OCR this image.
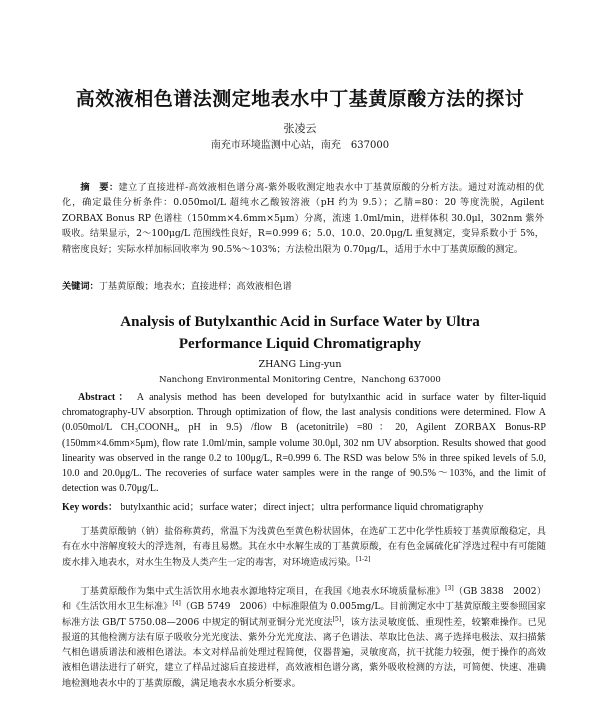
高效液相色谱法测定地表水中丁基黄原酸方法的探讨
张凌云
南充市环境监测中心站，南充　637000
摘　要：建立了直接进样-高效液相色谱分离-紫外吸收测定地表水中丁基黄原酸的分析方法。通过对流动相的优化，确定最佳分析条件：0.050mol/L 超纯水乙酸铵溶液（pH 约为 9.5）；乙腈=80：20 等度洗脱，Agilent ZORBAX Bonus RP 色谱柱（150mm×4.6mm×5μm）分离，流速 1.0ml/min，进样体积 30.0μl，302nm 紫外吸收。结果显示，2～100μg/L 范围线性良好，R=0.999 6；5.0、10.0、20.0μg/L 重复测定，变异系数小于 5%，精密度良好；实际水样加标回收率为 90.5%～103%；方法检出限为 0.70μg/L，适用于水中丁基黄原酸的测定。
关键词：丁基黄原酸；地表水；直接进样；高效液相色谱
Analysis of Butylxanthic Acid in Surface Water by Ultra
Performance Liquid Chromatigraphy
ZHANG Ling-yun
Nanchong Environmental Monitoring Centre，Nanchong 637000
Abstract： A analysis method has been developed for butylxanthic acid in surface water by filter-liquid chromatography-UV absorption. Through optimization of flow, the last analysis conditions were determined. Flow A (0.050mol/L CH₃COONH₄, pH in 9.5) /flow B (acetonitrile) =80：20, Agilent ZORBAX Bonus-RP (150mm×4.6mm×5μm), flow rate 1.0ml/min, sample volume 30.0μl, 302 nm UV absorption. Results showed that good linearity was observed in the range 0.2 to 100μg/L, R=0.999 6. The RSD was below 5% in three spiked levels of 5.0, 10.0 and 20.0μg/L. The recoveries of surface water samples were in the range of 90.5%～103%, and the limit of detection was 0.70μg/L.
Key words： butylxanthic acid；surface water；direct inject；ultra performance liquid chromatigraphy
丁基黄原酸钠（钠）盐俗称黄药，常温下为浅黄色至黄色粉状固体，在选矿工艺中化学性质较丁基黄原酸稳定，具有在水中溶解度较大的浮选剂，有毒且易燃。其在水中水解生成的丁基黄原酸，在有色金属硫化矿浮选过程中有可能随废水排入地表水，对水生生物及人类产生一定的毒害，对环境造成污染。[1-2]
丁基黄原酸作为集中式生活饮用水地表水源地特定项目，在我国《地表水环境质量标准》[3]（GB 3838　2002）和《生活饮用水卫生标准》[4]（GB 5749　2006）中标准限值为 0.005mg/L。目前测定水中丁基黄原酸主要参照国家标准方法 GB/T 5750.08—2006 中规定的铜试剂亚铜分光光度法[5]，该方法灵敏度低、重现性差，较繁难操作。已见报道的其他检测方法有原子吸收分光光度法、紫外分光光度法、离子色谱法、萃取比色法、离子选择电极法、双扫描紫气相色谱质谱法和液相色谱法。本文对样品前处理过程简便，仪器普遍，灵敏度高，抗干扰能力较强，便于操作的高效液相色谱法进行了研究，建立了样品过滤后直接进样，高效液相色谱分离，紫外吸收检测的方法，可简便、快速、准确地检测地表水中的丁基黄原酸，满足地表水水质分析要求。
